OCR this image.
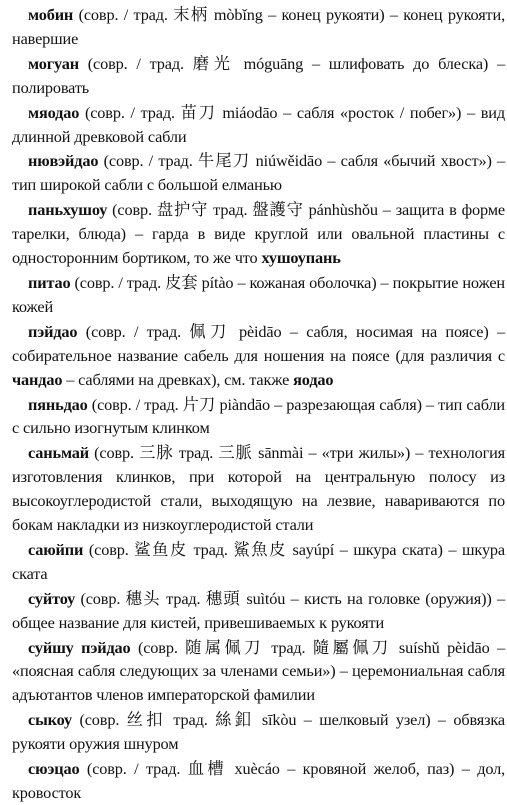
мобин (совр. / трад. 末柄 mòbǐng – конец рукояти) – конец рукояти, навершие

могуан (совр. / трад. 磨光 móguāng – шлифовать до блеска) – полировать

мяодао (совр. / трад. 苗刀 miáodāo – сабля «росток / побег») – вид длинной древковой сабли

нювэйдао (совр. / трад. 牛尾刀 niúwěidāo – сабля «бычий хвост») – тип широкой сабли с большой елманью

паньхушоу (совр. 盘护守 трад. 盤護守 pánhùshǒu – защита в форме тарелки, блюда) – гарда в виде круглой или овальной пластины с односторонним бортиком, то же что хушоупань

питао (совр. / трад. 皮套 pítào – кожаная оболочка) – покрытие ножен кожей

пэйдао (совр. / трад. 佩刀 pèidāo – сабля, носимая на поясе) – собирательное название сабель для ношения на поясе (для различия с чандао – саблями на древках), см. также яодао

пяньдао (совр. / трад. 片刀 piàndāo – разрезающая сабля) – тип сабли с сильно изогнутым клинком

саньмай (совр. 三脉 трад. 三脈 sānmài – «три жилы») – технология изготовления клинков, при которой на центральную полосу из высокоуглеродистой стали, выходящую на лезвие, навариваются по бокам накладки из низкоуглеродистой стали

саюйпи (совр. 鲨鱼皮 трад. 鯊魚皮 sayúpí – шкура ската) – шкура ската

суйтоу (совр. 穗头 трад. 穗頭 suìtóu – кисть на головке (оружия)) – общее название для кистей, привешиваемых к рукояти

суйшу пэйдао (совр. 随属佩刀 трад. 隨屬佩刀 suíshǔ pèidāo – «поясная сабля следующих за членами семьи») – церемониальная сабля адъютантов членов императорской фамилии

сыкоу (совр. 丝扣 трад. 絲釦 sīkòu – шелковый узел) – обвязка рукояти оружия шнуром

сюэцао (совр. / трад. 血槽 xuècáo – кровяной желоб, паз) – дол, кровосток
